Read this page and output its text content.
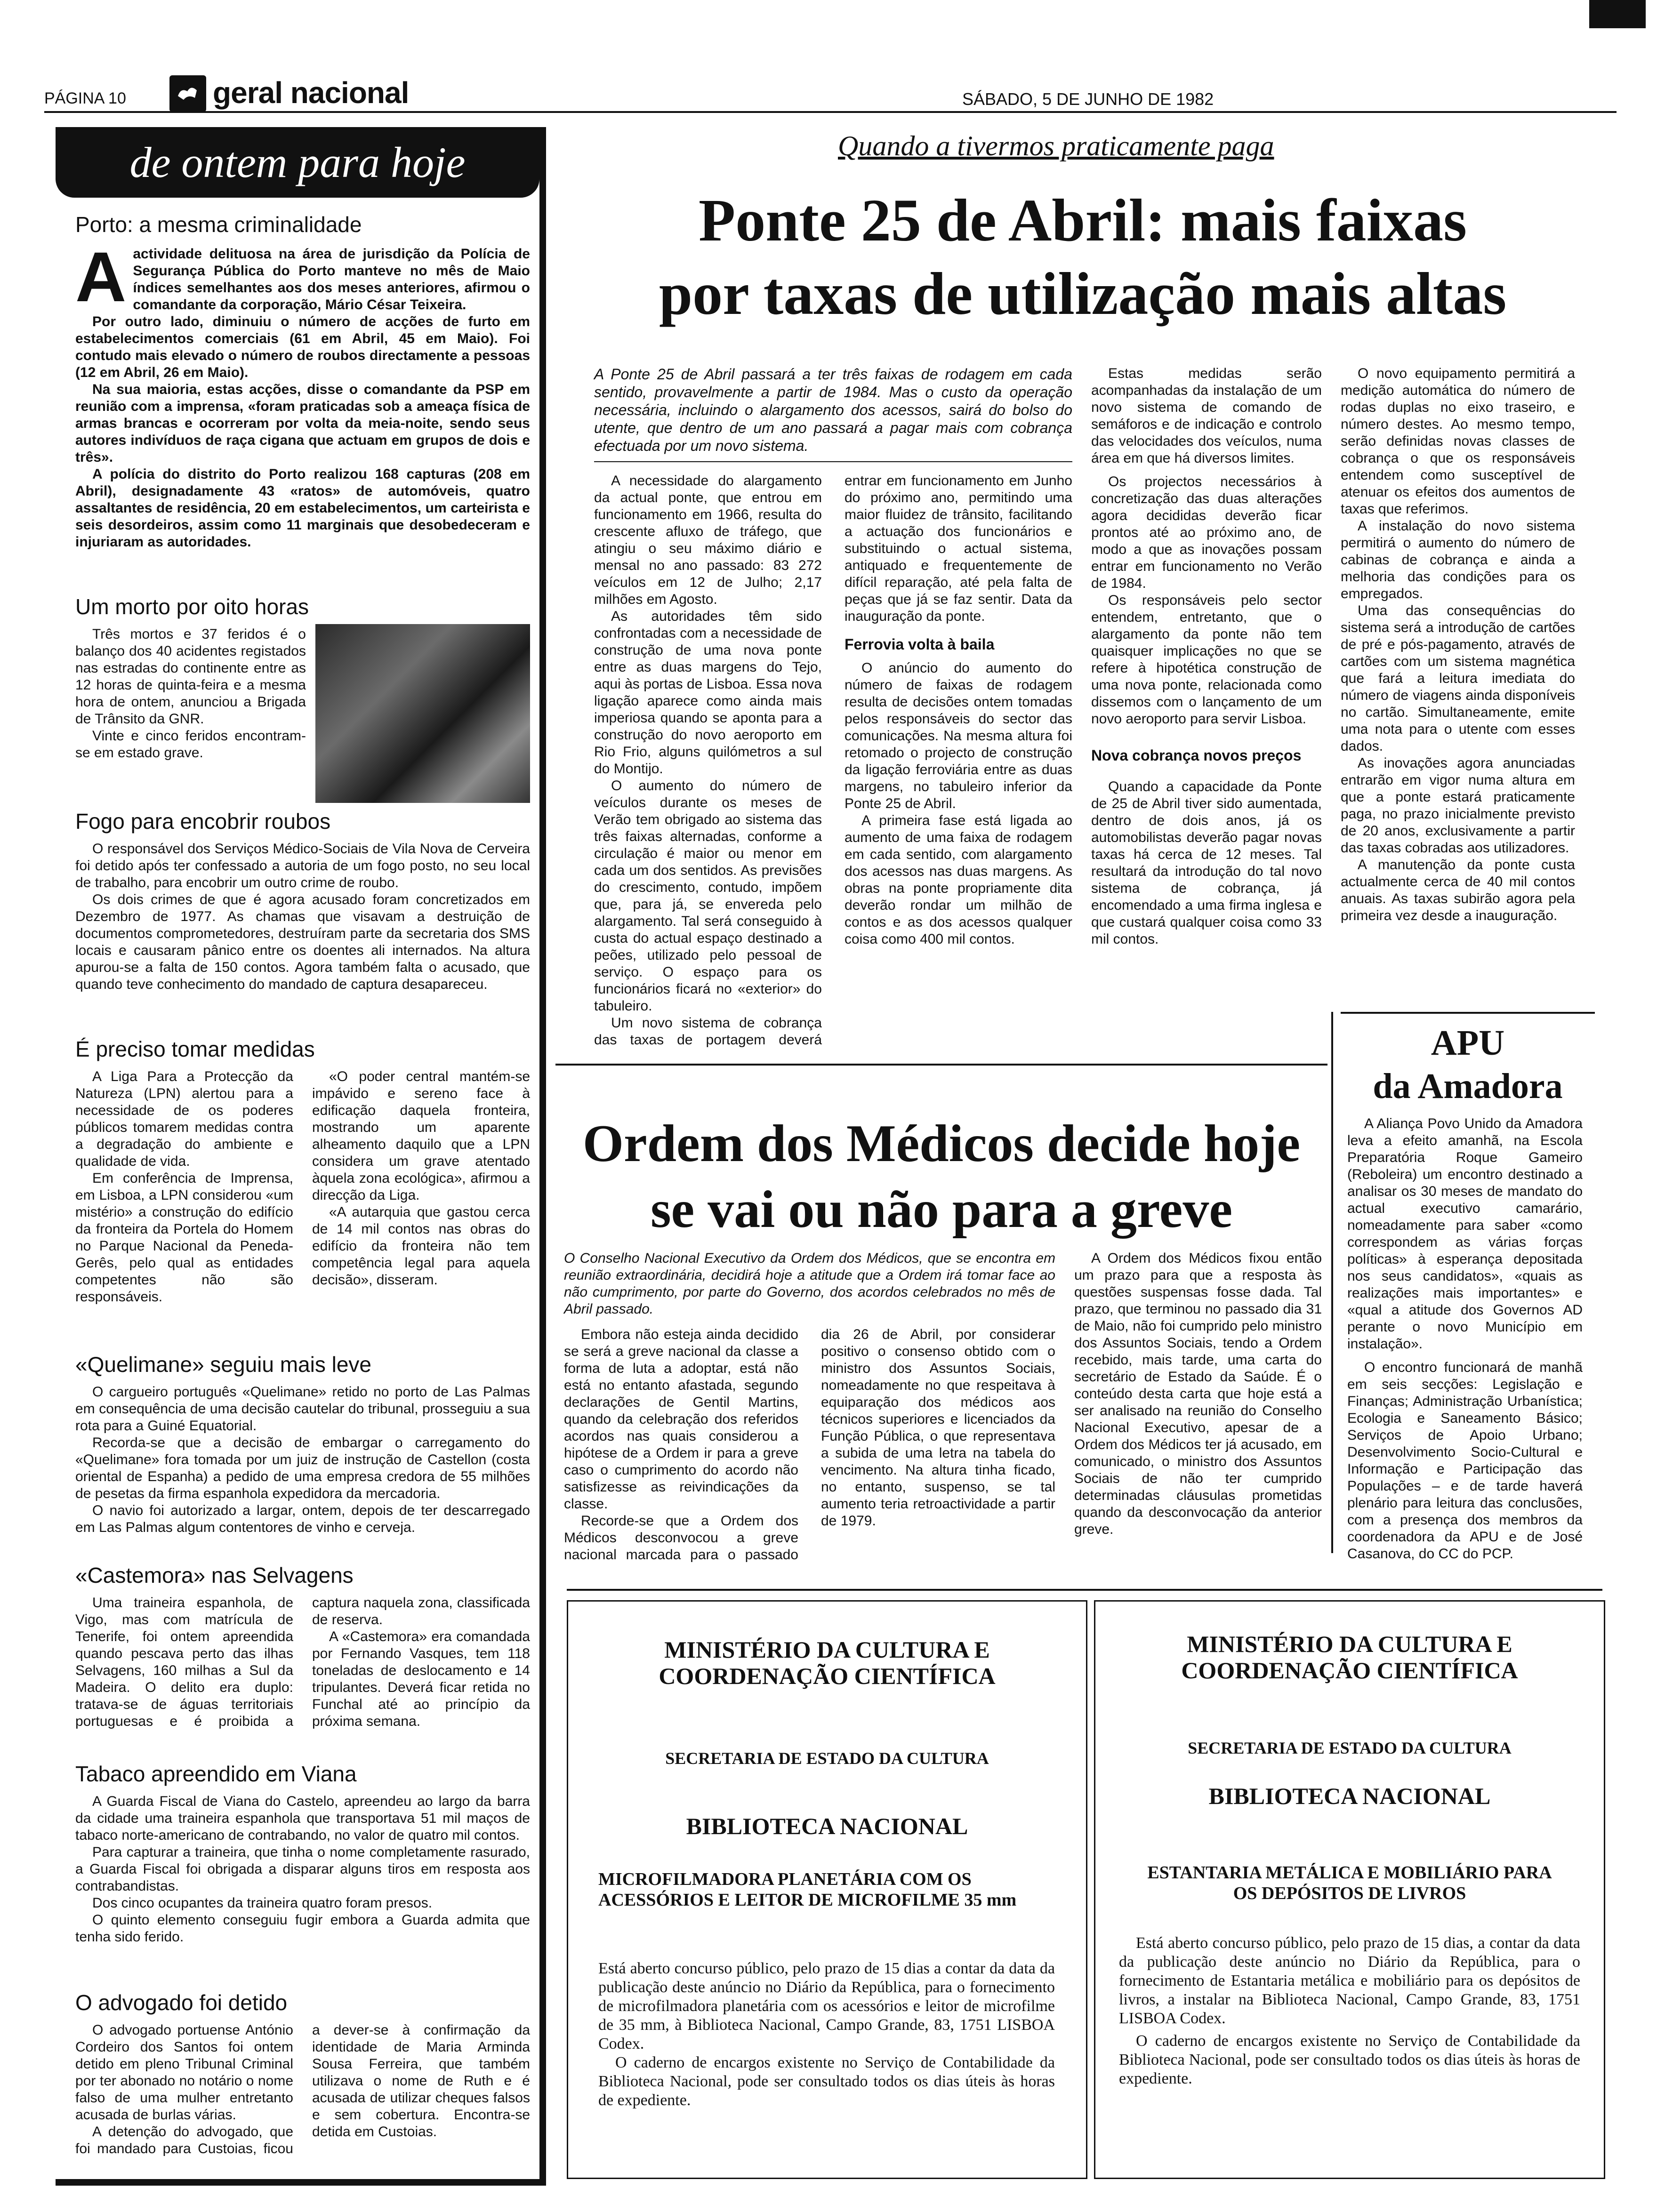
PÁGINA 10	geral nacional	SÁBADO, 5 DE JUNHO DE 1982
de ontem para hoje

Porto: a mesma criminalidade

A actividade delituosa na área de jurisdição da Polícia de Segurança Pública do Porto manteve no mês de Maio índices semelhantes aos dos meses anteriores, afirmou o comandante da corporação, Mário César Teixeira.

Por outro lado, diminuiu o número de acções de furto em estabelecimentos comerciais (61 em Abril, 45 em Maio). Foi contudo mais elevado o número de roubos directamente a pessoas (12 em Abril, 26 em Maio).

Na sua maioria, estas acções, disse o comandante da PSP em reunião com a imprensa, «foram praticadas sob a ameaça física de armas brancas e ocorreram por volta da meia-noite, sendo seus autores indivíduos de raça cigana que actuam em grupos de dois e três».

A polícia do distrito do Porto realizou 168 capturas (208 em Abril), designadamente 43 «ratos» de automóveis, quatro assaltantes de residência, 20 em estabelecimentos, um carteirista e seis desordeiros, assim como 11 marginais que desobedeceram e injuriaram as autoridades.

Um morto por oito horas

Três mortos e 37 feridos é o balanço dos 40 acidentes registados nas estradas do continente entre as 12 horas de quinta-feira e a mesma hora de ontem, anunciou a Brigada de Trânsito da GNR.

Vinte e cinco feridos encontram-se em estado grave.

Fogo para encobrir roubos

O responsável dos Serviços Médico-Sociais de Vila Nova de Cerveira foi detido após ter confessado a autoria de um fogo posto, no seu local de trabalho, para encobrir um outro crime de roubo.

Os dois crimes de que é agora acusado foram concretizados em Dezembro de 1977. As chamas que visavam a destruição de documentos comprometedores, destruíram parte da secretaria dos SMS locais e causaram pânico entre os doentes ali internados. Na altura apurou-se a falta de 150 contos. Agora também falta o acusado, que quando teve conhecimento do mandado de captura desapareceu.

É preciso tomar medidas

A Liga Para a Protecção da Natureza (LPN) alertou para a necessidade de os poderes públicos tomarem medidas contra a degradação do ambiente e qualidade de vida.

Em conferência de Imprensa, em Lisboa, a LPN considerou «um mistério» a construção do edifício da fronteira da Portela do Homem no Parque Nacional da Peneda-Gerês, pelo qual as entidades competentes não são responsáveis.

«O poder central mantém-se impávido e sereno face à edificação daquela fronteira, mostrando um aparente alheamento daquilo que a LPN considera um grave atentado àquela zona ecológica», afirmou a direcção da Liga.

«A autarquia que gastou cerca de 14 mil contos nas obras do edifício da fronteira não tem competência legal para aquela decisão», disseram.

«Quelimane» seguiu mais leve

O cargueiro português «Quelimane» retido no porto de Las Palmas em consequência de uma decisão cautelar do tribunal, prosseguiu a sua rota para a Guiné Equatorial.

Recorda-se que a decisão de embargar o carregamento do «Quelimane» fora tomada por um juiz de instrução de Castellon (costa oriental de Espanha) a pedido de uma empresa credora de 55 milhões de pesetas da firma espanhola expedidora da mercadoria.

O navio foi autorizado a largar, ontem, depois de ter descarregado em Las Palmas algum contentores de vinho e cerveja.

«Castemora» nas Selvagens

Uma traineira espanhola, de Vigo, mas com matrícula de Tenerife, foi ontem apreendida quando pescava perto das ilhas Selvagens, 160 milhas a Sul da Madeira. O delito era duplo: tratava-se de águas territoriais portuguesas e é proibida a captura naquela zona, classificada de reserva.

A «Castemora» era comandada por Fernando Vasques, tem 118 toneladas de deslocamento e 14 tripulantes. Deverá ficar retida no Funchal até ao princípio da próxima semana.

Tabaco apreendido em Viana

A Guarda Fiscal de Viana do Castelo, apreendeu ao largo da barra da cidade uma traineira espanhola que transportava 51 mil maços de tabaco norte-americano de contrabando, no valor de quatro mil contos.

Para capturar a traineira, que tinha o nome completamente rasurado, a Guarda Fiscal foi obrigada a disparar alguns tiros em resposta aos contrabandistas.

Dos cinco ocupantes da traineira quatro foram presos.

O quinto elemento conseguiu fugir embora a Guarda admita que tenha sido ferido.

O advogado foi detido

O advogado portuense António Cordeiro dos Santos foi ontem detido em pleno Tribunal Criminal por ter abonado no notário o nome falso de uma mulher entretanto acusada de burlas várias.

A detenção do advogado, que foi mandado para Custoias, ficou a dever-se à confirmação da identidade de Maria Arminda Sousa Ferreira, que também utilizava o nome de Ruth e é acusada de utilizar cheques falsos e sem cobertura. Encontra-se detida em Custoias.

Quando a tivermos praticamente paga
Ponte 25 de Abril: mais faixas
por taxas de utilização mais altas
A Ponte 25 de Abril passará a ter três faixas de rodagem em cada sentido, provavelmente a partir de 1984. Mas o custo da operação necessária, incluindo o alargamento dos acessos, sairá do bolso do utente, que dentro de um ano passará a pagar mais com cobrança efectuada por um novo sistema.

A necessidade do alargamento da actual ponte, que entrou em funcionamento em 1966, resulta do crescente afluxo de tráfego, que atingiu o seu máximo diário e mensal no ano passado: 83 272 veículos em 12 de Julho; 2,17 milhões em Agosto.

As autoridades têm sido confrontadas com a necessidade de construção de uma nova ponte entre as duas margens do Tejo, aqui às portas de Lisboa. Essa nova ligação aparece como ainda mais imperiosa quando se aponta para a construção do novo aeroporto em Rio Frio, alguns quilómetros a sul do Montijo.

O aumento do número de veículos durante os meses de Verão tem obrigado ao sistema das três faixas alternadas, conforme a circulação é maior ou menor em cada um dos sentidos. As previsões do crescimento, contudo, impõem que, para já, se envereda pelo alargamento. Tal será conseguido à custa do actual espaço destinado a peões, utilizado pelo pessoal de serviço. O espaço para os funcionários ficará no «exterior» do tabuleiro.

Um novo sistema de cobrança das taxas de portagem deverá entrar em funcionamento em Junho do próximo ano, permitindo uma maior fluidez de trânsito, facilitando a actuação dos funcionários e substituindo o actual sistema, antiquado e frequentemente de difícil reparação, até pela falta de peças que já se faz sentir. Data da inauguração da ponte.

Ferrovia volta à baila

O anúncio do aumento do número de faixas de rodagem resulta de decisões ontem tomadas pelos responsáveis do sector das comunicações. Na mesma altura foi retomado o projecto de construção da ligação ferroviária entre as duas margens, no tabuleiro inferior da Ponte 25 de Abril.

A primeira fase está ligada ao aumento de uma faixa de rodagem em cada sentido, com alargamento dos acessos nas duas margens. As obras na ponte propriamente dita deverão rondar um milhão de contos e as dos acessos qualquer coisa como 400 mil contos.

Estas medidas serão acompanhadas da instalação de um novo sistema de comando de semáforos e de indicação e controlo das velocidades dos veículos, numa área em que há diversos limites.

Os projectos necessários à concretização das duas alterações agora decididas deverão ficar prontos até ao próximo ano, de modo a que as inovações possam entrar em funcionamento no Verão de 1984.

Os responsáveis pelo sector entendem, entretanto, que o alargamento da ponte não tem quaisquer implicações no que se refere à hipotética construção de uma nova ponte, relacionada como dissemos com o lançamento de um novo aeroporto para servir Lisboa.

Nova cobrança novos preços

Quando a capacidade da Ponte de 25 de Abril tiver sido aumentada, dentro de dois anos, já os automobilistas deverão pagar novas taxas há cerca de 12 meses. Tal resultará da introdução do tal novo sistema de cobrança, já encomendado a uma firma inglesa e que custará qualquer coisa como 33 mil contos.

O novo equipamento permitirá a medição automática do número de rodas duplas no eixo traseiro, e número destes. Ao mesmo tempo, serão definidas novas classes de cobrança o que os responsáveis entendem como susceptível de atenuar os efeitos dos aumentos de taxas que referimos.

A instalação do novo sistema permitirá o aumento do número de cabinas de cobrança e ainda a melhoria das condições para os empregados.

Uma das consequências do sistema será a introdução de cartões de pré e pós-pagamento, através de cartões com um sistema magnética que fará a leitura imediata do número de viagens ainda disponíveis no cartão. Simultaneamente, emite uma nota para o utente com esses dados.

As inovações agora anunciadas entrarão em vigor numa altura em que a ponte estará praticamente paga, no prazo inicialmente previsto de 20 anos, exclusivamente a partir das taxas cobradas aos utilizadores.

A manutenção da ponte custa actualmente cerca de 40 mil contos anuais. As taxas subirão agora pela primeira vez desde a inauguração.

APU
da Amadora

A Aliança Povo Unido da Amadora leva a efeito amanhã, na Escola Preparatória Roque Gameiro (Reboleira) um encontro destinado a analisar os 30 meses de mandato do actual executivo camarário, nomeadamente para saber «como correspondem as várias forças políticas» à esperança depositada nos seus candidatos», «quais as realizações mais importantes» e «qual a atitude dos Governos AD perante o novo Município em instalação».

O encontro funcionará de manhã em seis secções: Legislação e Finanças; Administração Urbanística; Ecologia e Saneamento Básico; Serviços de Apoio Urbano; Desenvolvimento Socio-Cultural e Informação e Participação das Populações – e de tarde haverá plenário para leitura das conclusões, com a presença dos membros da coordenadora da APU e de José Casanova, do CC do PCP.

Ordem dos Médicos decide hoje
se vai ou não para a greve
O Conselho Nacional Executivo da Ordem dos Médicos, que se encontra em reunião extraordinária, decidirá hoje a atitude que a Ordem irá tomar face ao não cumprimento, por parte do Governo, dos acordos celebrados no mês de Abril passado.

Embora não esteja ainda decidido se será a greve nacional da classe a forma de luta a adoptar, está não está no entanto afastada, segundo declarações de Gentil Martins, quando da celebração dos referidos acordos nas quais considerou a hipótese de a Ordem ir para a greve caso o cumprimento do acordo não satisfizesse as reivindicações da classe.

Recorde-se que a Ordem dos Médicos desconvocou a greve nacional marcada para o passado dia 26 de Abril, por considerar positivo o consenso obtido com o ministro dos Assuntos Sociais, nomeadamente no que respeitava à equiparação dos médicos aos técnicos superiores e licenciados da Função Pública, o que representava a subida de uma letra na tabela do vencimento. Na altura tinha ficado, no entanto, suspenso, se tal aumento teria retroactividade a partir de 1979.

A Ordem dos Médicos fixou então um prazo para que a resposta às questões suspensas fosse dada. Tal prazo, que terminou no passado dia 31 de Maio, não foi cumprido pelo ministro dos Assuntos Sociais, tendo a Ordem recebido, mais tarde, uma carta do secretário de Estado da Saúde. É o conteúdo desta carta que hoje está a ser analisado na reunião do Conselho Nacional Executivo, apesar de a Ordem dos Médicos ter já acusado, em comunicado, o ministro dos Assuntos Sociais de não ter cumprido determinadas cláusulas prometidas quando da desconvocação da anterior greve.

MINISTÉRIO DA CULTURA E COORDENAÇÃO CIENTÍFICA
SECRETARIA DE ESTADO DA CULTURA
BIBLIOTECA NACIONAL
MICROFILMADORA PLANETÁRIA COM OS ACESSÓRIOS E LEITOR DE MICROFILME 35 mm

Está aberto concurso público, pelo prazo de 15 dias a contar da data da publicação deste anúncio no Diário da República, para o fornecimento de microfilmadora planetária com os acessórios e leitor de microfilme de 35 mm, à Biblioteca Nacional, Campo Grande, 83, 1751 LISBOA Codex.

O caderno de encargos existente no Serviço de Contabilidade da Biblioteca Nacional, pode ser consultado todos os dias úteis às horas de expediente.

MINISTÉRIO DA CULTURA E COORDENAÇÃO CIENTÍFICA
SECRETARIA DE ESTADO DA CULTURA
BIBLIOTECA NACIONAL
ESTANTARIA METÁLICA E MOBILIÁRIO PARA OS DEPÓSITOS DE LIVROS

Está aberto concurso público, pelo prazo de 15 dias, a contar da data da publicação deste anúncio no Diário da República, para o fornecimento de Estantaria metálica e mobiliário para os depósitos de livros, a instalar na Biblioteca Nacional, Campo Grande, 83, 1751 LISBOA Codex.

O caderno de encargos existente no Serviço de Contabilidade da Biblioteca Nacional, pode ser consultado todos os dias úteis às horas de expediente.
